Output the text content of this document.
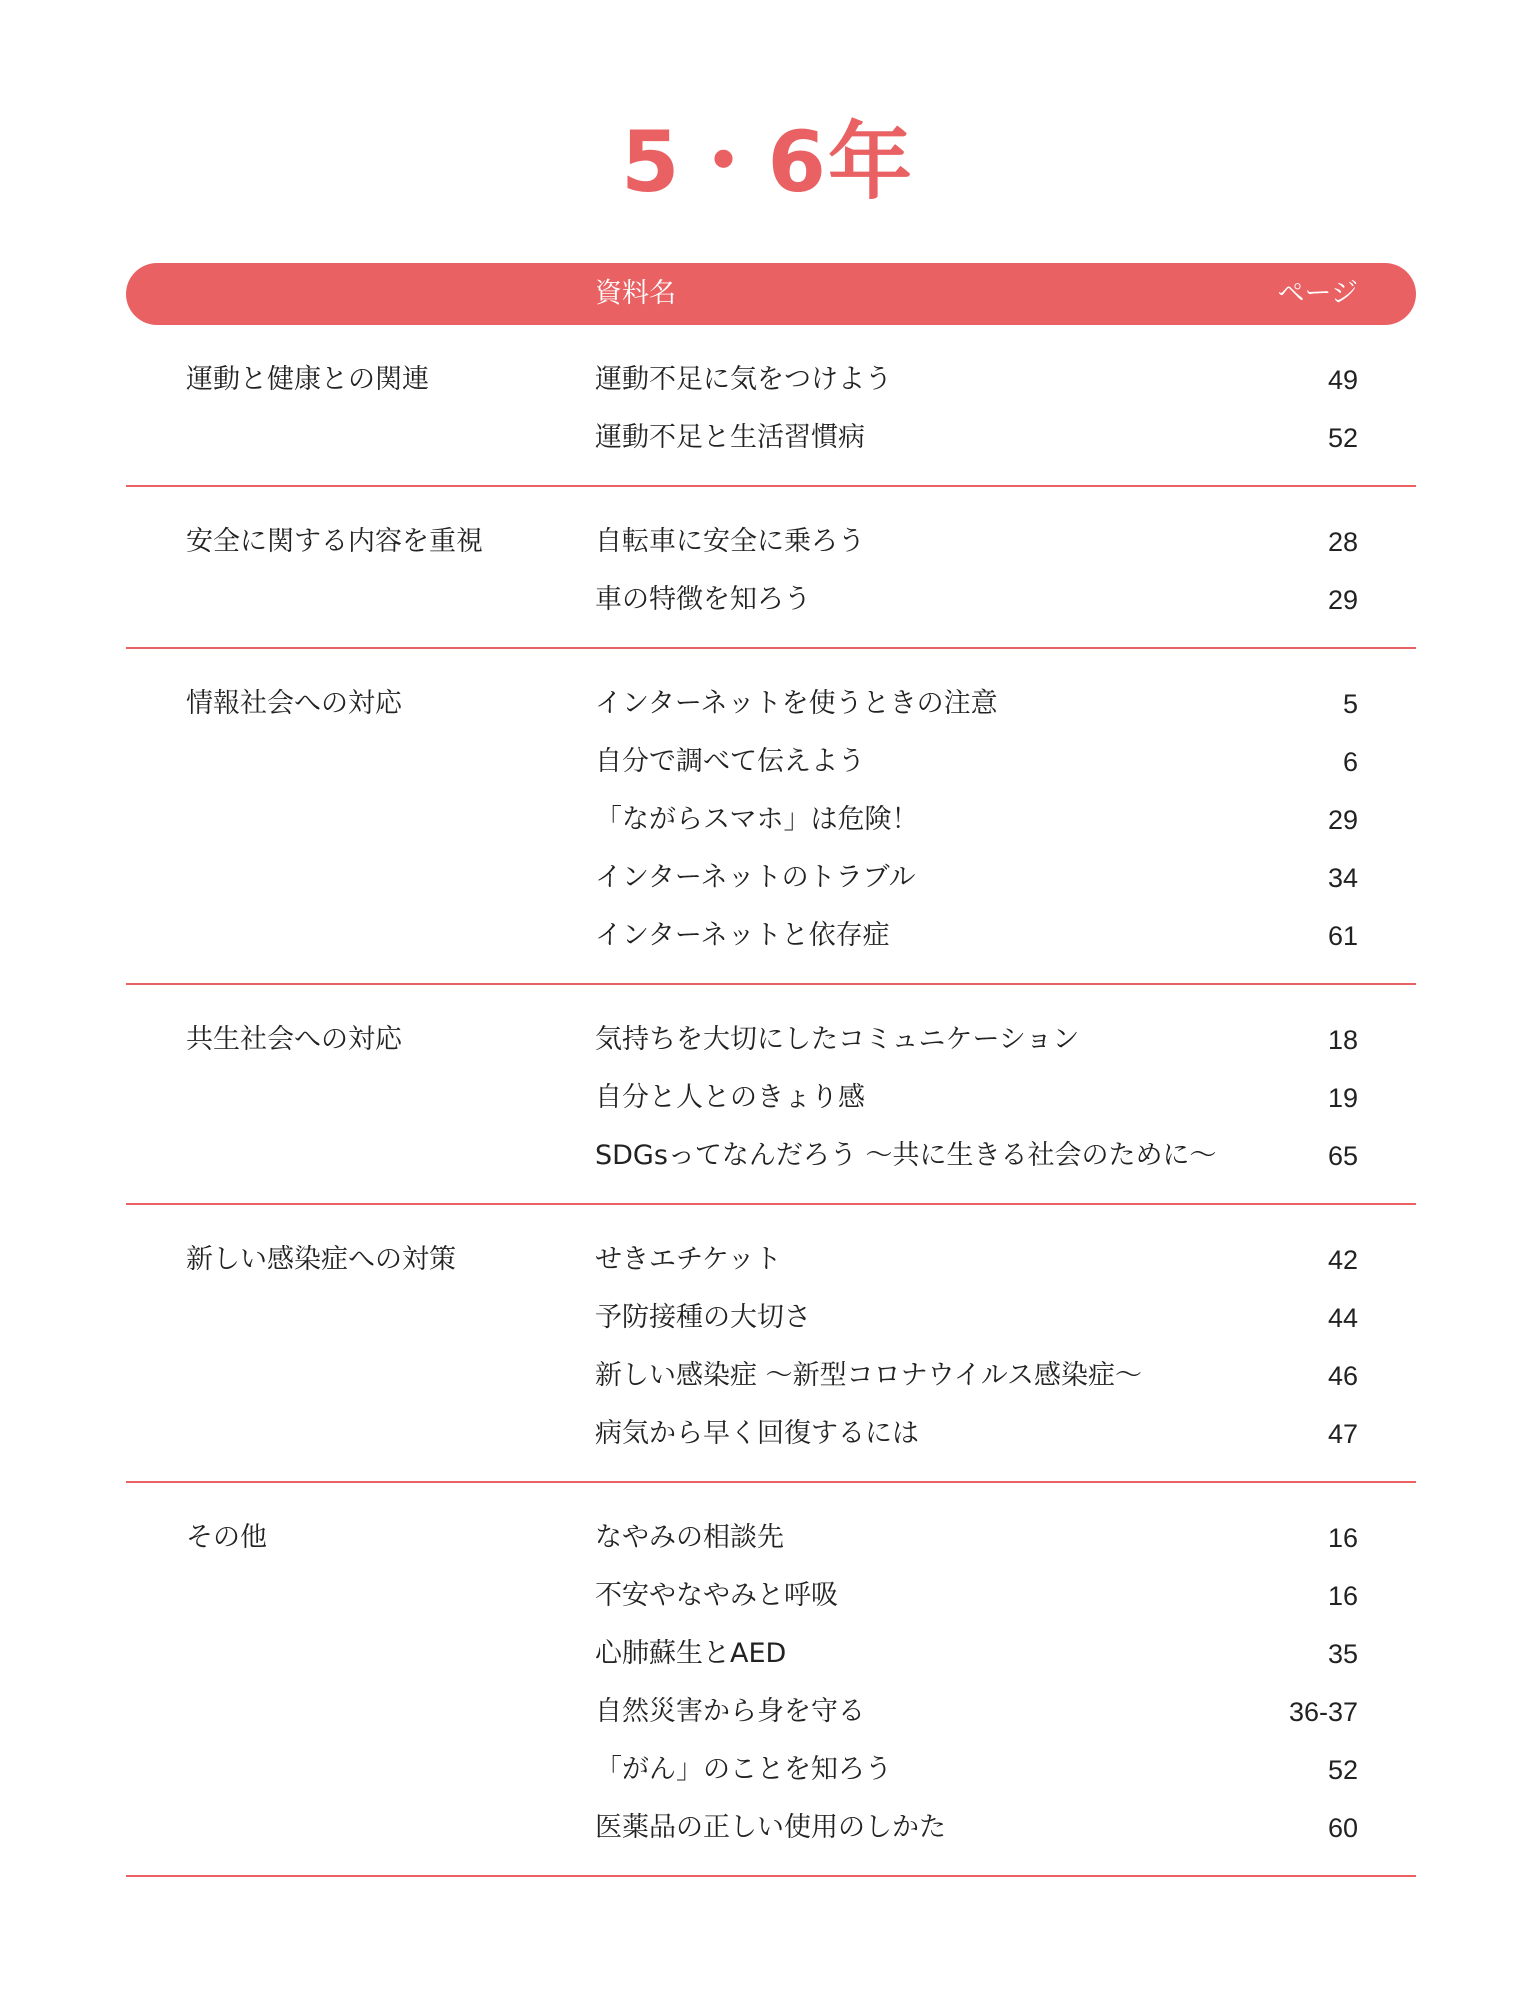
5・6年
資料名	ページ
運動と健康との関連	運動不足に気をつけよう	49
運動不足と生活習慣病	52
安全に関する内容を重視	自転車に安全に乗ろう	28
車の特徴を知ろう	29
情報社会への対応	インターネットを使うときの注意	5
自分で調べて伝えよう	6
「ながらスマホ」は危険！	29
インターネットのトラブル	34
インターネットと依存症	61
共生社会への対応	気持ちを大切にしたコミュニケーション	18
自分と人とのきょり感	19
SDGsってなんだろう ～共に生きる社会のために～	65
新しい感染症への対策	せきエチケット	42
予防接種の大切さ	44
新しい感染症 ～新型コロナウイルス感染症～	46
病気から早く回復するには	47
その他	なやみの相談先	16
不安やなやみと呼吸	16
心肺蘇生とAED	35
自然災害から身を守る	36-37
「がん」のことを知ろう	52
医薬品の正しい使用のしかた	60
